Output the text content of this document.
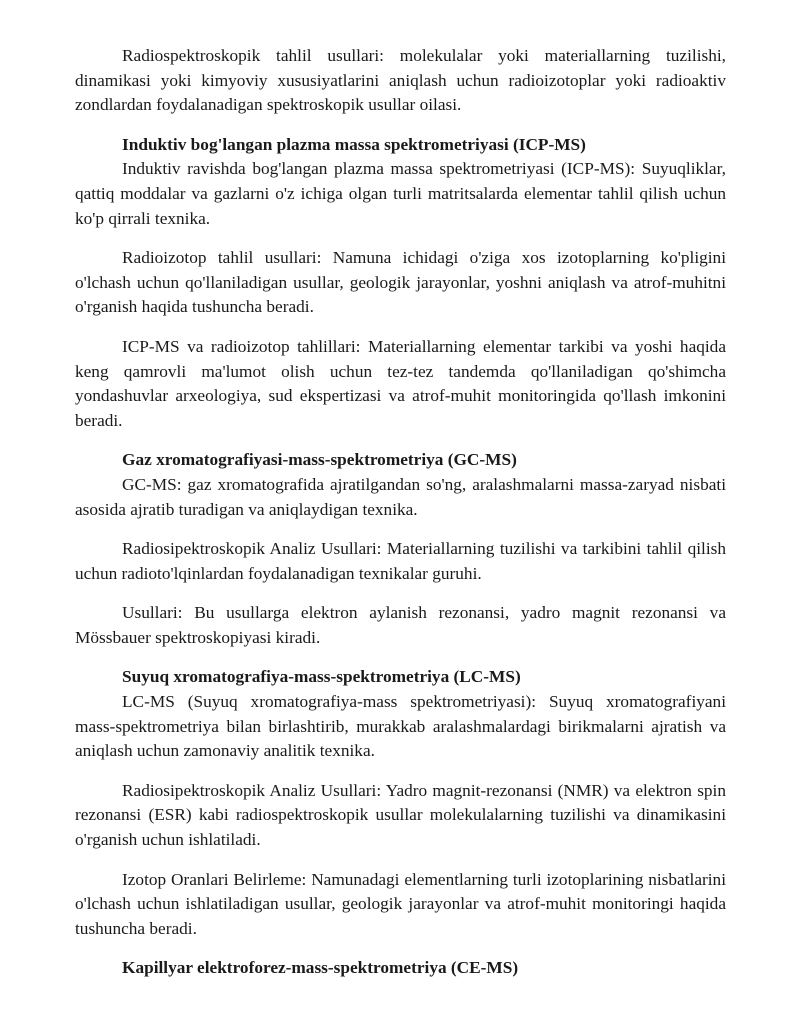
Radiospektroskopik tahlil usullari: molekulalar yoki materiallarning tuzilishi, dinamikasi yoki kimyoviy xususiyatlarini aniqlash uchun radioizotoplar yoki radioaktiv zondlardan foydalanadigan spektroskopik usullar oilasi.

Induktiv bog'langan plazma massa spektrometriyasi (ICP-MS)

Induktiv ravishda bog'langan plazma massa spektrometriyasi (ICP-MS): Suyuqliklar, qattiq moddalar va gazlarni o'z ichiga olgan turli matritsalarda elementar tahlil qilish uchun ko'p qirrali texnika.

Radioizotop tahlil usullari: Namuna ichidagi o'ziga xos izotoplarning ko'pligini o'lchash uchun qo'llaniladigan usullar, geologik jarayonlar, yoshni aniqlash va atrof-muhitni o'rganish haqida tushuncha beradi.

ICP-MS va radioizotop tahlillari: Materiallarning elementar tarkibi va yoshi haqida keng qamrovli ma'lumot olish uchun tez-tez tandemda qo'llaniladigan qo'shimcha yondashuvlar arxeologiya, sud ekspertizasi va atrof-muhit monitoringida qo'llash imkonini beradi.

Gaz xromatografiyasi-mass-spektrometriya (GC-MS)

GC-MS: gaz xromatografida ajratilgandan so'ng, aralashmalarni massa-zaryad nisbati asosida ajratib turadigan va aniqlaydigan texnika.

Radiosipektroskopik Analiz Usullari: Materiallarning tuzilishi va tarkibini tahlil qilish uchun radioto'lqinlardan foydalanadigan texnikalar guruhi.

Usullari: Bu usullarga elektron aylanish rezonansi, yadro magnit rezonansi va Mössbauer spektroskopiyasi kiradi.

Suyuq xromatografiya-mass-spektrometriya (LC-MS)

LC-MS (Suyuq xromatografiya-mass spektrometriyasi): Suyuq xromatografiyani mass-spektrometriya bilan birlashtirib, murakkab aralashmalardagi birikmalarni ajratish va aniqlash uchun zamonaviy analitik texnika.

Radiosipektroskopik Analiz Usullari: Yadro magnit-rezonansi (NMR) va elektron spin rezonansi (ESR) kabi radiospektroskopik usullar molekulalarning tuzilishi va dinamikasini o'rganish uchun ishlatiladi.

Izotop Oranlari Belirleme: Namunadagi elementlarning turli izotoplarining nisbatlarini o'lchash uchun ishlatiladigan usullar, geologik jarayonlar va atrof-muhit monitoringi haqida tushuncha beradi.

Kapillyar elektroforez-mass-spektrometriya (CE-MS)
